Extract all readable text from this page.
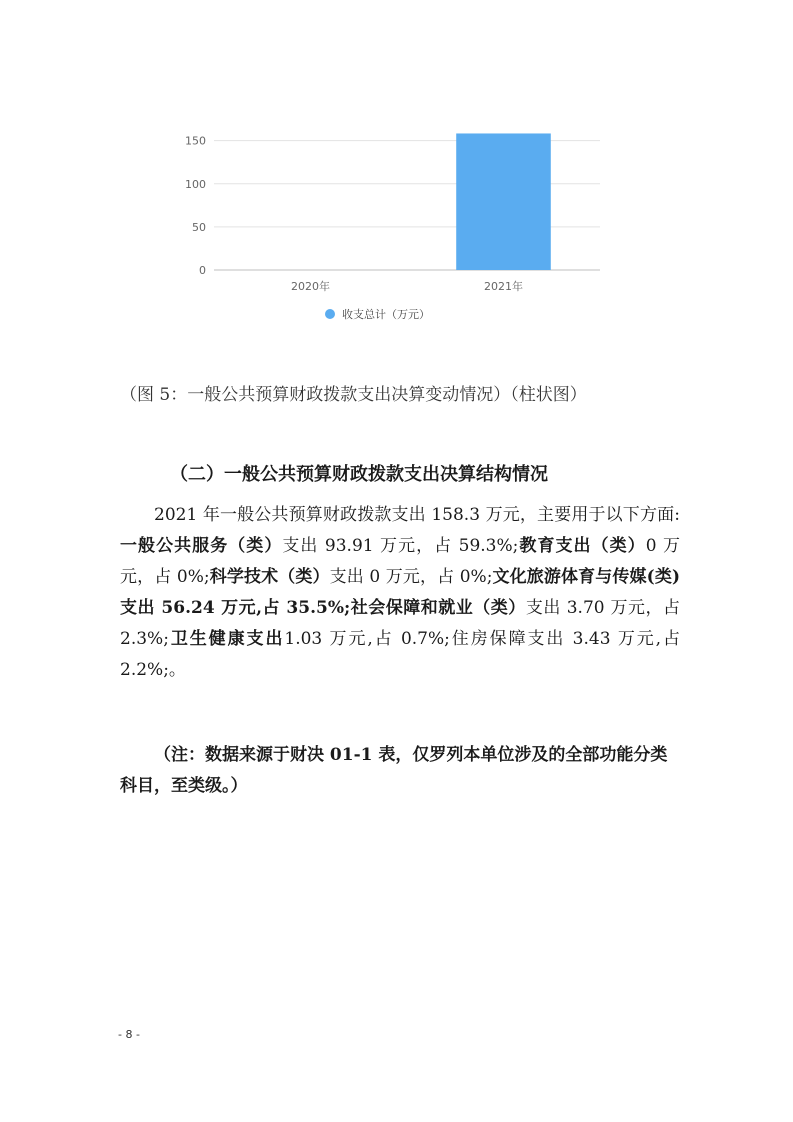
0
50
100
150
2020年	2021年
收支总计（万元）

（图 5：一般公共预算财政拨款支出决算变动情况）（柱状图）

（二）一般公共预算财政拨款支出决算结构情况

2021 年一般公共预算财政拨款支出 158.3 万元，主要用于以下方面:一般公共服务（类）支出 93.91 万元，占 59.3%;教育支出（类）0 万元，占 0%;科学技术（类）支出 0 万元，占 0%;文化旅游体育与传媒(类)支出 56.24 万元,占 35.5%;社会保障和就业（类）支出 3.70 万元，占 2.3%;卫生健康支出1.03 万元,占 0.7%;住房保障支出 3.43 万元,占 2.2%;。

（注：数据来源于财决 01-1 表，仅罗列本单位涉及的全部功能分类科目，至类级。）

- 8 -
